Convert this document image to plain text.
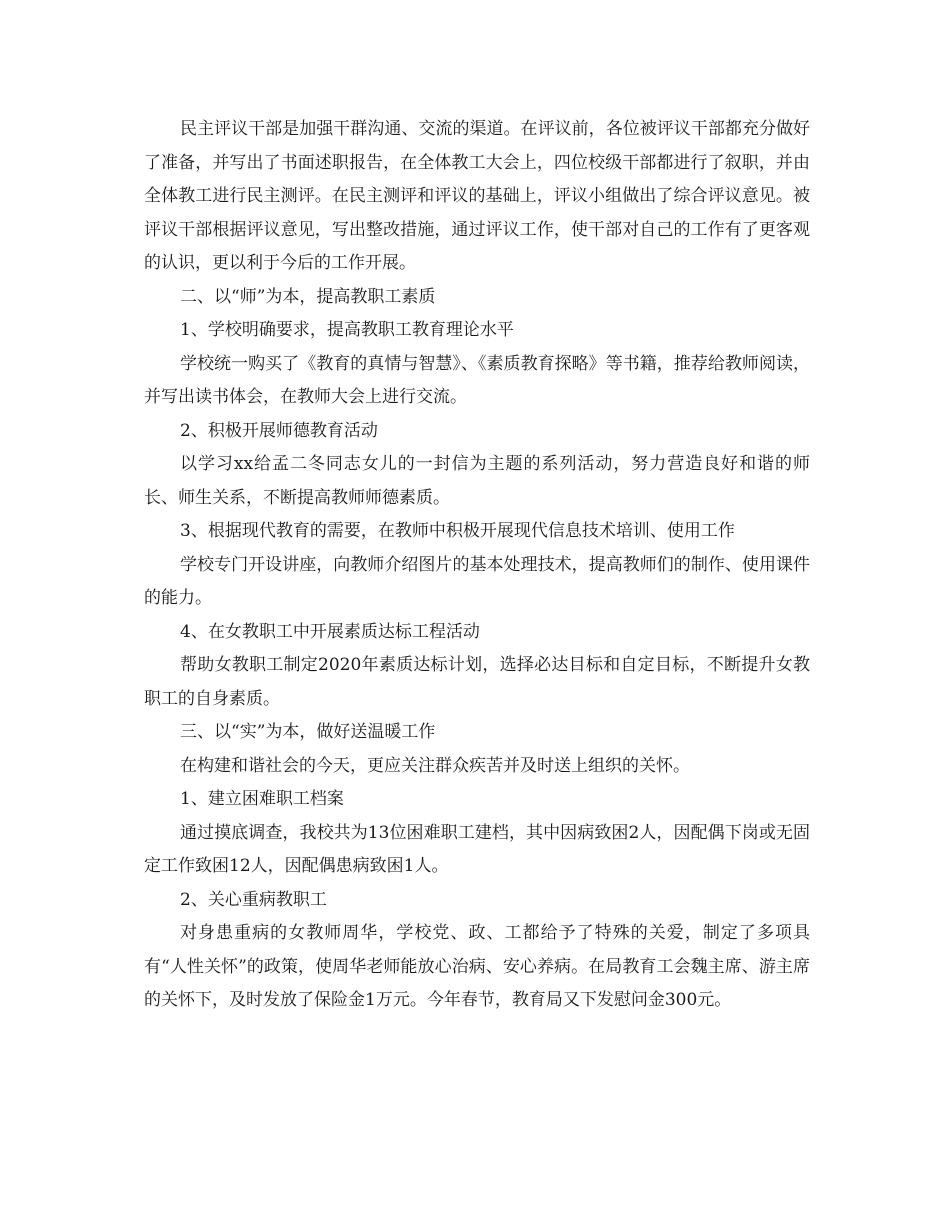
民主评议干部是加强干群沟通、交流的渠道。在评议前，各位被评议干部都充分做好了准备，并写出了书面述职报告，在全体教工大会上，四位校级干部都进行了叙职，并由全体教工进行民主测评。在民主测评和评议的基础上，评议小组做出了综合评议意见。被评议干部根据评议意见，写出整改措施，通过评议工作，使干部对自己的工作有了更客观的认识，更以利于今后的工作开展。

二、以“师”为本，提高教职工素质

1、学校明确要求，提高教职工教育理论水平

学校统一购买了《教育的真情与智慧》、《素质教育探略》等书籍，推荐给教师阅读，并写出读书体会，在教师大会上进行交流。

2、积极开展师德教育活动

以学习xx给孟二冬同志女儿的一封信为主题的系列活动，努力营造良好和谐的师长、师生关系，不断提高教师师德素质。

3、根据现代教育的需要，在教师中积极开展现代信息技术培训、使用工作

学校专门开设讲座，向教师介绍图片的基本处理技术，提高教师们的制作、使用课件的能力。

4、在女教职工中开展素质达标工程活动

帮助女教职工制定2020年素质达标计划，选择必达目标和自定目标，不断提升女教职工的自身素质。

三、以“实”为本，做好送温暖工作

在构建和谐社会的今天，更应关注群众疾苦并及时送上组织的关怀。

1、建立困难职工档案

通过摸底调查，我校共为13位困难职工建档，其中因病致困2人，因配偶下岗或无固定工作致困12人，因配偶患病致困1人。

2、关心重病教职工

对身患重病的女教师周华，学校党、政、工都给予了特殊的关爱，制定了多项具有“人性关怀”的政策，使周华老师能放心治病、安心养病。在局教育工会魏主席、游主席的关怀下，及时发放了保险金1万元。今年春节，教育局又下发慰问金300元。
